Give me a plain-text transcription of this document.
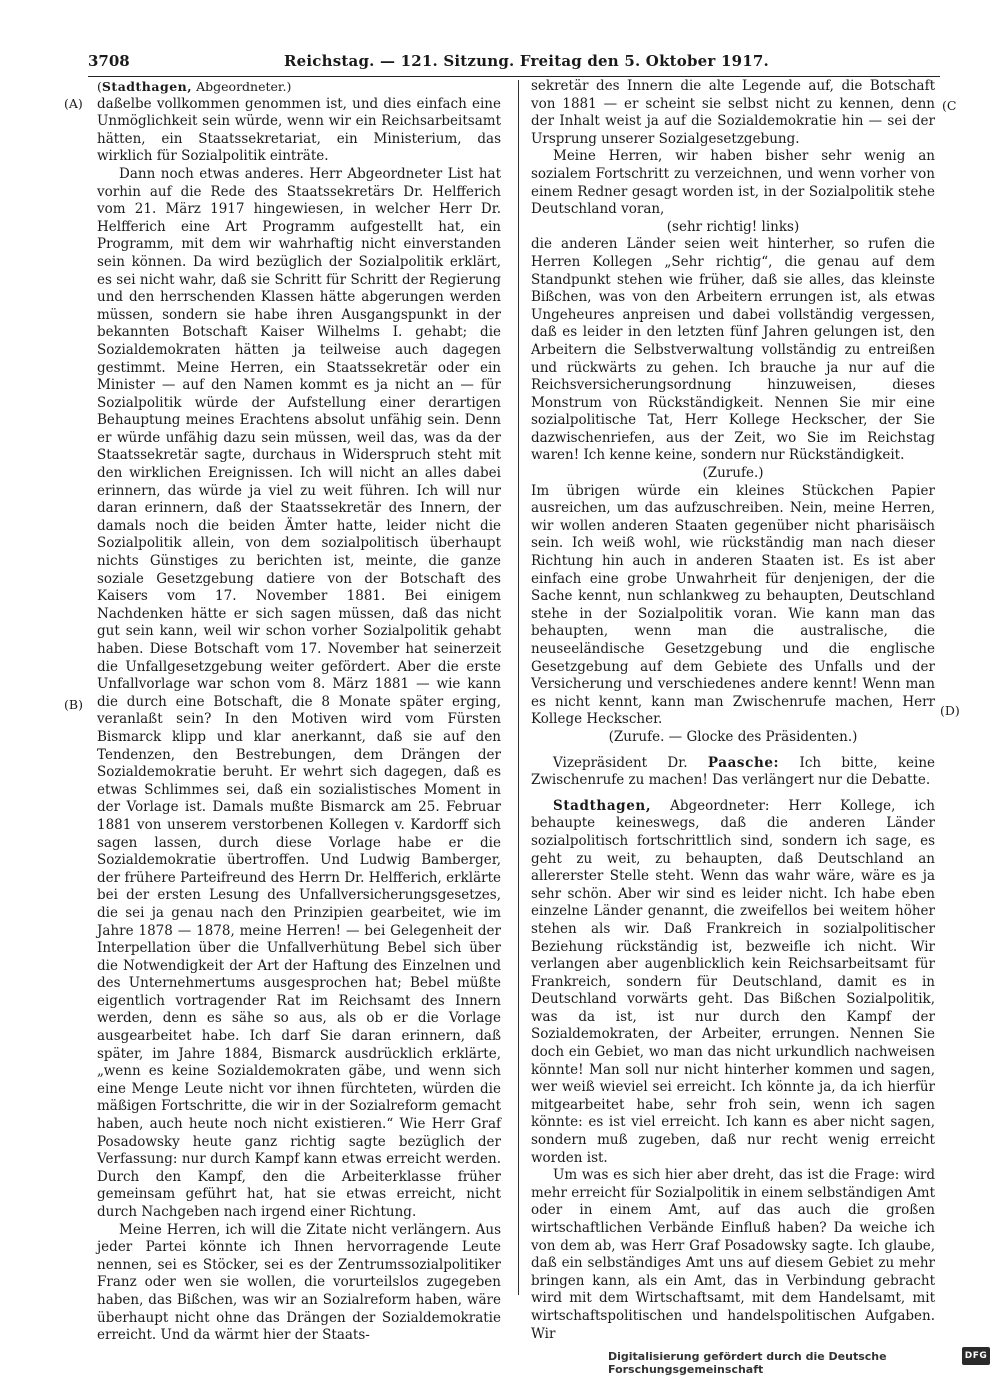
3708	Reichstag. — 121. Sitzung. Freitag den 5. Oktober 1917.
(A)
(B)
(C
(D)

(Stadthagen, Abgeordneter.)

daßelbe vollkommen genommen ist, und dies einfach eine Unmöglichkeit sein würde, wenn wir ein Reichsarbeitsamt hätten, ein Staatssekretariat, ein Ministerium, das wirklich für Sozialpolitik einträte.

Dann noch etwas anderes. Herr Abgeordneter List hat vorhin auf die Rede des Staatssekretärs Dr. Helfferich vom 21. März 1917 hingewiesen, in welcher Herr Dr. Helfferich eine Art Programm aufgestellt hat, ein Programm, mit dem wir wahrhaftig nicht einverstanden sein können. Da wird bezüglich der Sozialpolitik erklärt, es sei nicht wahr, daß sie Schritt für Schritt der Regierung und den herrschenden Klassen hätte abgerungen werden müssen, sondern sie habe ihren Ausgangspunkt in der bekannten Botschaft Kaiser Wilhelms I. gehabt; die Sozialdemokraten hätten ja teilweise auch dagegen gestimmt. Meine Herren, ein Staatssekretär oder ein Minister — auf den Namen kommt es ja nicht an — für Sozialpolitik würde der Aufstellung einer derartigen Behauptung meines Erachtens absolut unfähig sein. Denn er würde unfähig dazu sein müssen, weil das, was da der Staatssekretär sagte, durchaus in Widerspruch steht mit den wirklichen Ereignissen. Ich will nicht an alles dabei erinnern, das würde ja viel zu weit führen. Ich will nur daran erinnern, daß der Staatssekretär des Innern, der damals noch die beiden Ämter hatte, leider nicht die Sozialpolitik allein, von dem sozialpolitisch überhaupt nichts Günstiges zu berichten ist, meinte, die ganze soziale Gesetzgebung datiere von der Botschaft des Kaisers vom 17. November 1881. Bei einigem Nachdenken hätte er sich sagen müssen, daß das nicht gut sein kann, weil wir schon vorher Sozialpolitik gehabt haben. Diese Botschaft vom 17. November hat seinerzeit die Unfallgesetzgebung weiter gefördert. Aber die erste Unfallvorlage war schon vom 8. März 1881 — wie kann die durch eine Botschaft, die 8 Monate später erging, veranlaßt sein? In den Motiven wird vom Fürsten Bismarck klipp und klar anerkannt, daß sie auf den Tendenzen, den Bestrebungen, dem Drängen der Sozialdemokratie beruht. Er wehrt sich dagegen, daß es etwas Schlimmes sei, daß ein sozialistisches Moment in der Vorlage ist. Damals mußte Bismarck am 25. Februar 1881 von unserem verstorbenen Kollegen v. Kardorff sich sagen lassen, durch diese Vorlage habe er die Sozialdemokratie übertroffen. Und Ludwig Bamberger, der frühere Parteifreund des Herrn Dr. Helfferich, erklärte bei der ersten Lesung des Unfallversicherungsgesetzes, die sei ja genau nach den Prinzipien gearbeitet, wie im Jahre 1878 — 1878, meine Herren! — bei Gelegenheit der Interpellation über die Unfallverhütung Bebel sich über die Notwendigkeit der Art der Haftung des Einzelnen und des Unternehmertums ausgesprochen hat; Bebel müßte eigentlich vortragender Rat im Reichsamt des Innern werden, denn es sähe so aus, als ob er die Vorlage ausgearbeitet habe. Ich darf Sie daran erinnern, daß später, im Jahre 1884, Bismarck ausdrücklich erklärte, „wenn es keine Sozialdemokraten gäbe, und wenn sich eine Menge Leute nicht vor ihnen fürchteten, würden die mäßigen Fortschritte, die wir in der Sozialreform gemacht haben, auch heute noch nicht existieren.“ Wie Herr Graf Posadowsky heute ganz richtig sagte bezüglich der Verfassung: nur durch Kampf kann etwas erreicht werden. Durch den Kampf, den die Arbeiterklasse früher gemeinsam geführt hat, hat sie etwas erreicht, nicht durch Nachgeben nach irgend einer Richtung.

Meine Herren, ich will die Zitate nicht verlängern. Aus jeder Partei könnte ich Ihnen hervorragende Leute nennen, sei es Stöcker, sei es der Zentrumssozialpolitiker Franz oder wen sie wollen, die vorurteilslos zugegeben haben, das Bißchen, was wir an Sozialreform haben, wäre überhaupt nicht ohne das Drängen der Sozialdemokratie erreicht. Und da wärmt hier der Staats-

sekretär des Innern die alte Legende auf, die Botschaft von 1881 — er scheint sie selbst nicht zu kennen, denn der Inhalt weist ja auf die Sozialdemokratie hin — sei der Ursprung unserer Sozialgesetzgebung.

Meine Herren, wir haben bisher sehr wenig an sozialem Fortschritt zu verzeichnen, und wenn vorher von einem Redner gesagt worden ist, in der Sozialpolitik stehe Deutschland voran,

(sehr richtig! links)

die anderen Länder seien weit hinterher, so rufen die Herren Kollegen „Sehr richtig“, die genau auf dem Standpunkt stehen wie früher, daß sie alles, das kleinste Bißchen, was von den Arbeitern errungen ist, als etwas Ungeheures anpreisen und dabei vollständig vergessen, daß es leider in den letzten fünf Jahren gelungen ist, den Arbeitern die Selbstverwaltung vollständig zu entreißen und rückwärts zu gehen. Ich brauche ja nur auf die Reichsversicherungsordnung hinzuweisen, dieses Monstrum von Rückständigkeit. Nennen Sie mir eine sozialpolitische Tat, Herr Kollege Heckscher, der Sie dazwischenriefen, aus der Zeit, wo Sie im Reichstag waren! Ich kenne keine, sondern nur Rückständigkeit.

(Zurufe.)

Im übrigen würde ein kleines Stückchen Papier ausreichen, um das aufzuschreiben. Nein, meine Herren, wir wollen anderen Staaten gegenüber nicht pharisäisch sein. Ich weiß wohl, wie rückständig man nach dieser Richtung hin auch in anderen Staaten ist. Es ist aber einfach eine grobe Unwahrheit für denjenigen, der die Sache kennt, nun schlankweg zu behaupten, Deutschland stehe in der Sozialpolitik voran. Wie kann man das behaupten, wenn man die australische, die neuseeländische Gesetzgebung und die englische Gesetzgebung auf dem Gebiete des Unfalls und der Versicherung und verschiedenes andere kennt! Wenn man es nicht kennt, kann man Zwischenrufe machen, Herr Kollege Heckscher.

(Zurufe. — Glocke des Präsidenten.)

Vizepräsident Dr. Paasche: Ich bitte, keine Zwischenrufe zu machen! Das verlängert nur die Debatte.

Stadthagen, Abgeordneter: Herr Kollege, ich behaupte keineswegs, daß die anderen Länder sozialpolitisch fortschrittlich sind, sondern ich sage, es geht zu weit, zu behaupten, daß Deutschland an allererster Stelle steht. Wenn das wahr wäre, wäre es ja sehr schön. Aber wir sind es leider nicht. Ich habe eben einzelne Länder genannt, die zweifellos bei weitem höher stehen als wir. Daß Frankreich in sozialpolitischer Beziehung rückständig ist, bezweifle ich nicht. Wir verlangen aber augenblicklich kein Reichsarbeitsamt für Frankreich, sondern für Deutschland, damit es in Deutschland vorwärts geht. Das Bißchen Sozialpolitik, was da ist, ist nur durch den Kampf der Sozialdemokraten, der Arbeiter, errungen. Nennen Sie doch ein Gebiet, wo man das nicht urkundlich nachweisen könnte! Man soll nur nicht hinterher kommen und sagen, wer weiß wieviel sei erreicht. Ich könnte ja, da ich hierfür mitgearbeitet habe, sehr froh sein, wenn ich sagen könnte: es ist viel erreicht. Ich kann es aber nicht sagen, sondern muß zugeben, daß nur recht wenig erreicht worden ist.

Um was es sich hier aber dreht, das ist die Frage: wird mehr erreicht für Sozialpolitik in einem selbständigen Amt oder in einem Amt, auf das auch die großen wirtschaftlichen Verbände Einfluß haben? Da weiche ich von dem ab, was Herr Graf Posadowsky sagte. Ich glaube, daß ein selbständiges Amt uns auf diesem Gebiet zu mehr bringen kann, als ein Amt, das in Verbindung gebracht wird mit dem Wirtschaftsamt, mit dem Handelsamt, mit wirtschaftspolitischen und handelspolitischen Aufgaben. Wir

Digitalisierung gefördert durch die Deutsche Forschungsgemeinschaft
DFG
